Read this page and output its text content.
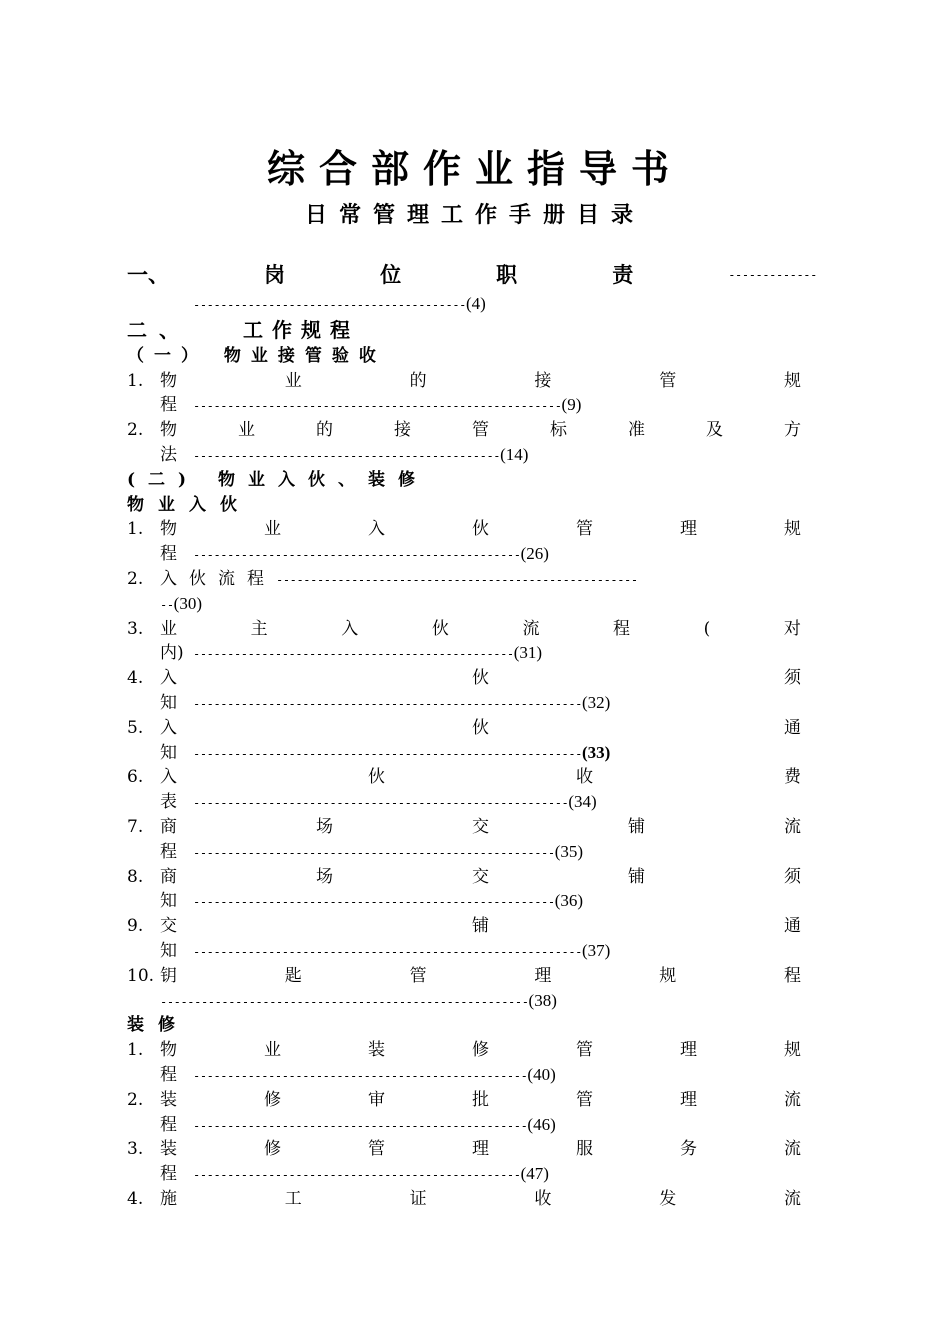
综合部作业指导书
日常管理工作手册目录
一、	岗	位	职	责	-------------
----------------------------------------(4)
二、	工作规程
（一） 物业接管验收
1. 物	业	的	接	管	规
程 ------------------------------------------------------(9)
2. 物	业	的	接	管	标	准	及	方
法 ---------------------------------------------(14)
(二) 物业入伙、装修
物业入伙
1. 物	业	入	伙	管	理	规
程 ------------------------------------------------(26)
2. 入伙流程-----------------------------------------------------
--(30)
3. 业	主	入	伙	流	程	(	对
内) -----------------------------------------------(31)
4. 入	伙	须
知 ---------------------------------------------------------(32)
5. 入	伙	通
知 ---------------------------------------------------------(33)
6. 入	伙	收	费
表 -------------------------------------------------------(34)
7. 商	场	交	铺	流
程 -----------------------------------------------------(35)
8. 商	场	交	铺	须
知 -----------------------------------------------------(36)
9. 交	铺	通
知 ---------------------------------------------------------(37)
10. 钥	匙	管	理	规	程
------------------------------------------------------(38)
装修
1. 物	业	装	修	管	理	规
程 -------------------------------------------------(40)
2. 装	修	审	批	管	理	流
程 -------------------------------------------------(46)
3. 装	修	管	理	服	务	流
程 ------------------------------------------------(47)
4. 施	工	证	收	发	流
